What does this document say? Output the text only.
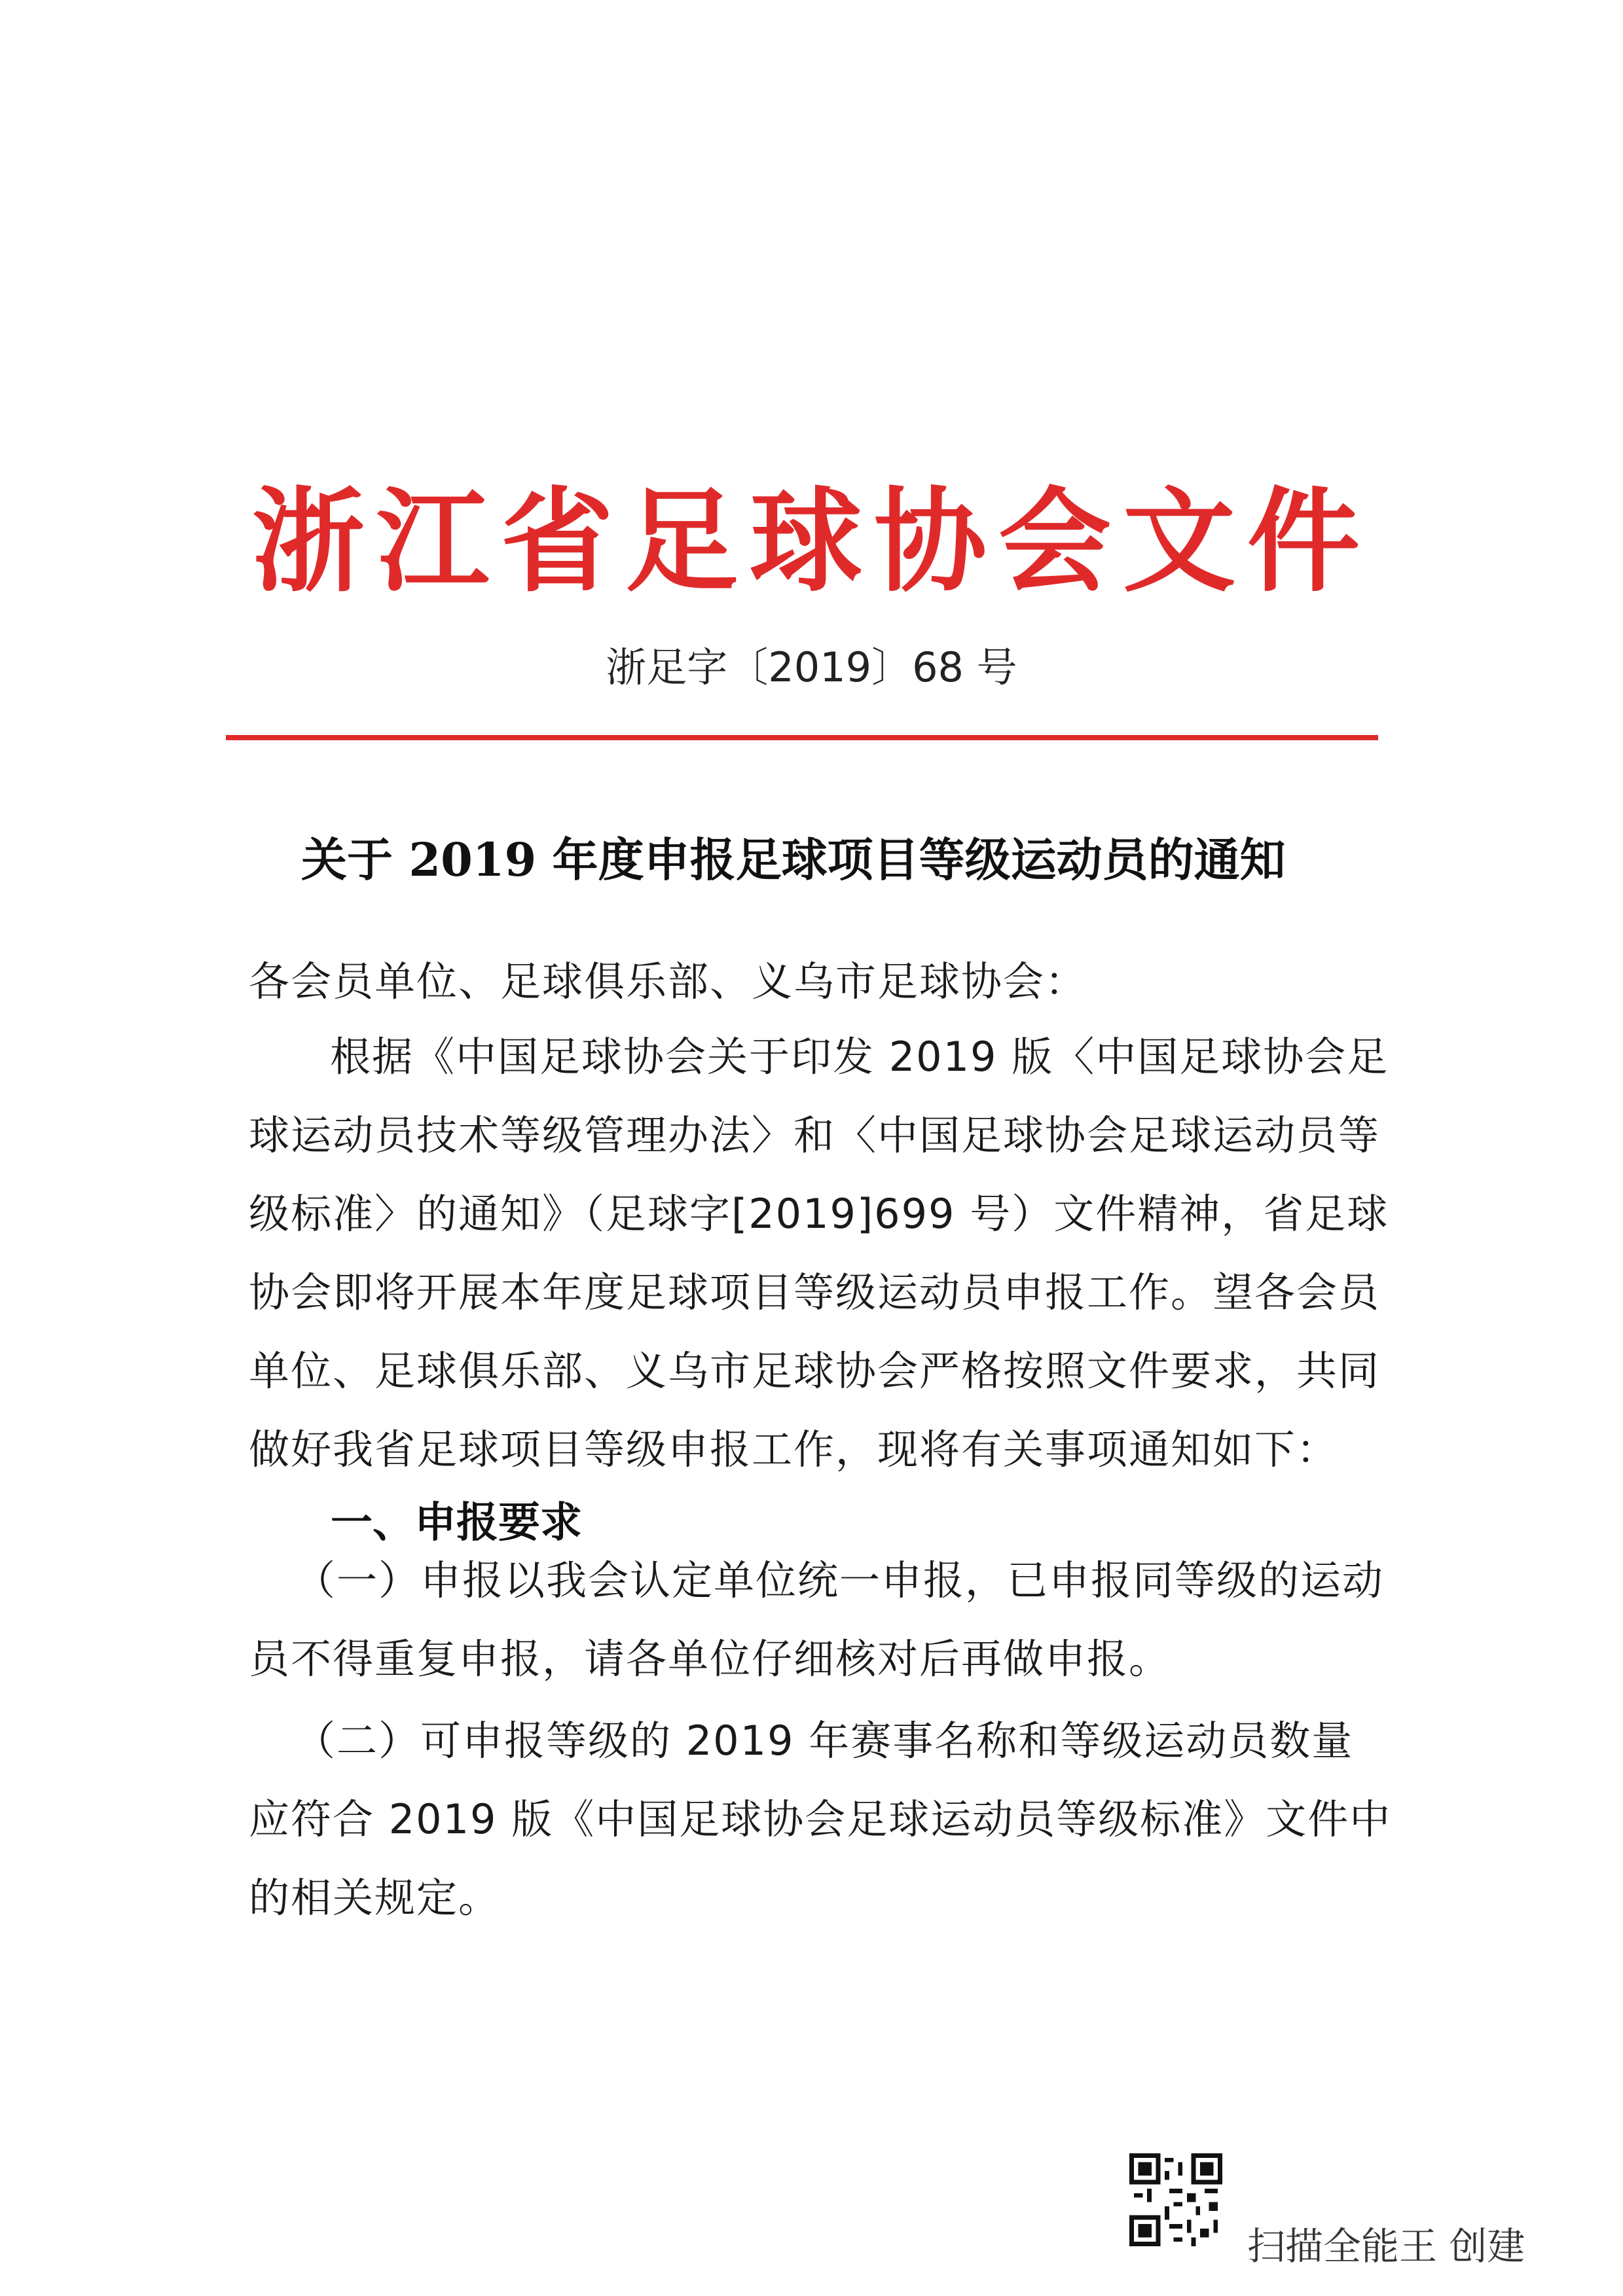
浙江省足球协会文件
浙足字〔2019〕68 号
关于 2019 年度申报足球项目等级运动员的通知
各会员单位、足球俱乐部、义乌市足球协会：
根据《中国足球协会关于印发 2019 版〈中国足球协会足球运动员技术等级管理办法〉和〈中国足球协会足球运动员等级标准〉的通知》（足球字[2019]699 号）文件精神，省足球协会即将开展本年度足球项目等级运动员申报工作。望各会员单位、足球俱乐部、义乌市足球协会严格按照文件要求，共同做好我省足球项目等级申报工作，现将有关事项通知如下：
一、申报要求
（一）申报以我会认定单位统一申报，已申报同等级的运动员不得重复申报，请各单位仔细核对后再做申报。
（二）可申报等级的 2019 年赛事名称和等级运动员数量应符合 2019 版《中国足球协会足球运动员等级标准》文件中的相关规定。
扫描全能王 创建
